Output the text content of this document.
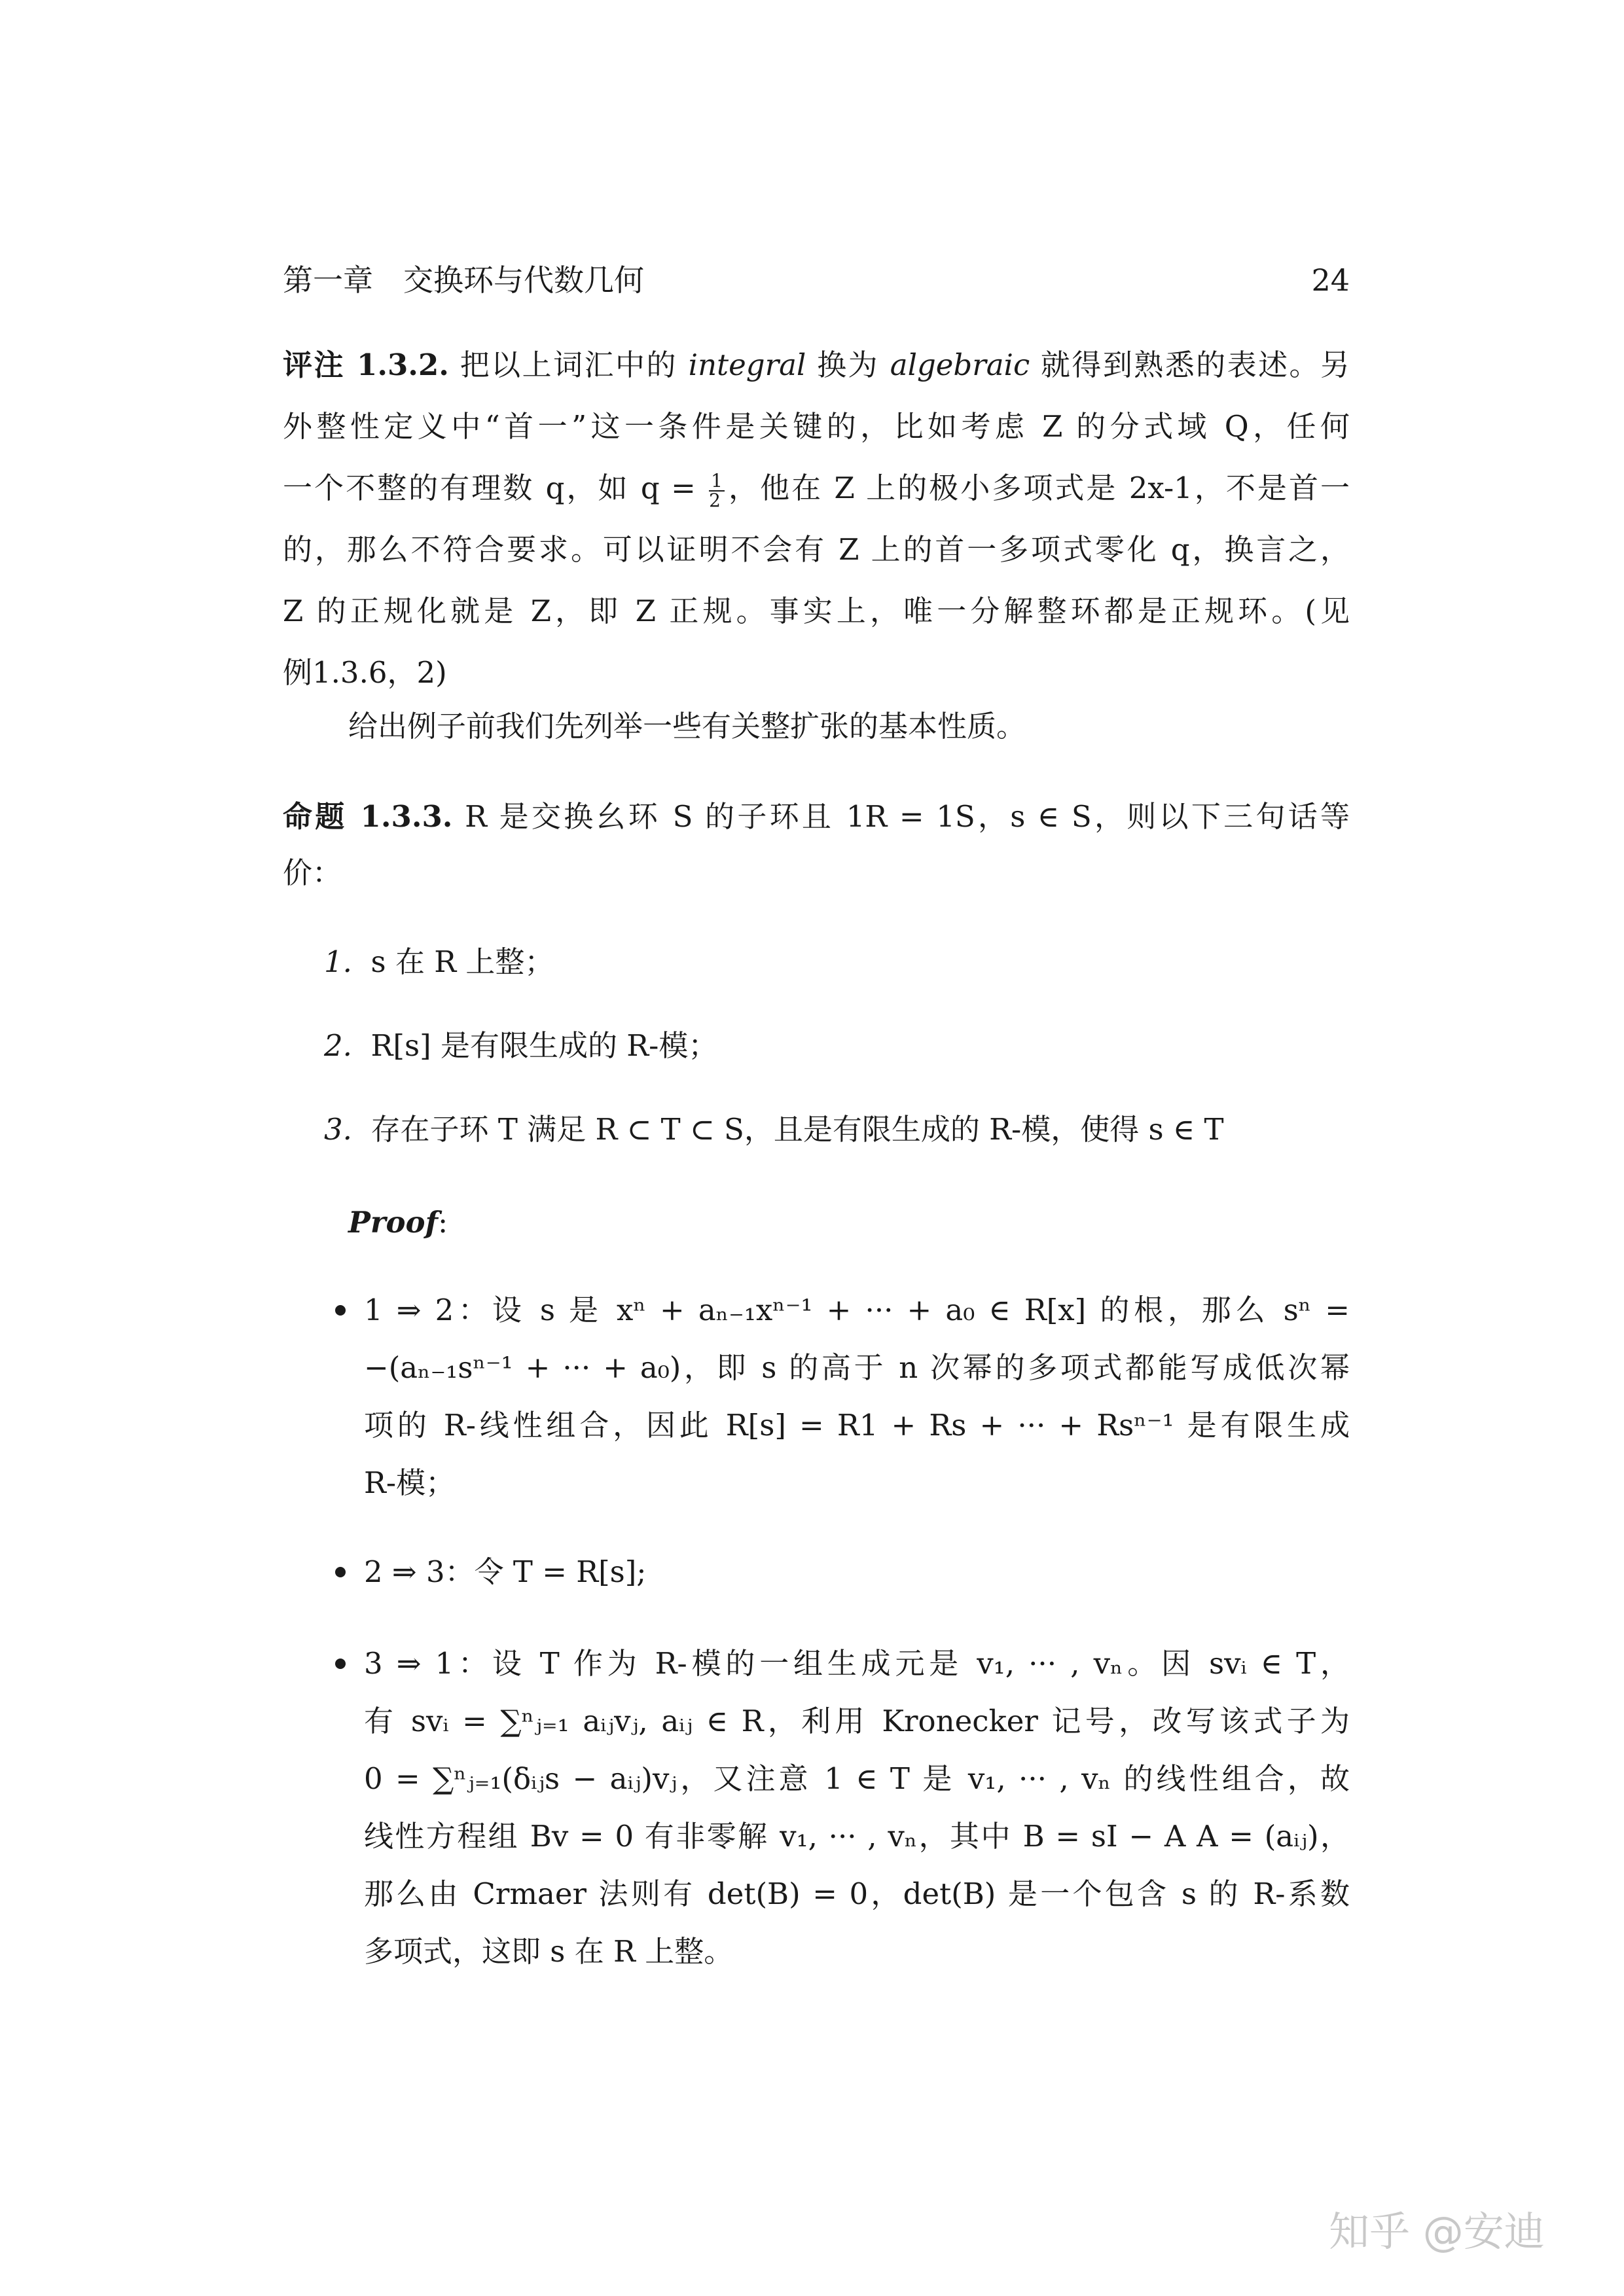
第一章　交换环与代数几何	24
评注 1.3.2. 把以上词汇中的 integral 换为 algebraic 就得到熟悉的表述。另
外整性定义中“首一”这一条件是关键的，比如考虑 Z 的分式域 Q，任何
一个不整的有理数 q，如 $q = \frac{1}{2}$ ，他在 Z 上的极小多项式是 2x-1，不是首一
的，那么不符合要求。可以证明不会有 Z 上的首一多项式零化 q，换言之，
Z 的正规化就是 Z，即 Z 正规。事实上，唯一分解整环都是正规环。(见
例1.3.6，2)
给出例子前我们先列举一些有关整扩张的基本性质。
命题 1.3.3. R 是交换幺环 S 的子环且 1R = 1S，s ∈ S，则以下三句话等
价：
1. s 在 R 上整；
2. R[s] 是有限生成的 R-模；
3. 存在子环 T 满足 R ⊂ T ⊂ S，且是有限生成的 R-模，使得 s ∈ T
Proof:
1 ⇒ 2：设 s 是 xⁿ + aₙ₋₁xⁿ⁻¹ + ··· + a₀ ∈ R[x] 的根，那么 sⁿ =
−(aₙ₋₁sⁿ⁻¹ + ··· + a₀)，即 s 的高于 n 次幂的多项式都能写成低次幂
项的 R-线性组合，因此 R[s] = R1 + Rs + ··· + Rsⁿ⁻¹ 是有限生成
R-模；
2 ⇒ 3：令 T = R[s];
3 ⇒ 1：设 T 作为 R-模的一组生成元是 v₁, ··· , vₙ。因 svᵢ ∈ T，
有 svᵢ = ∑ⁿⱼ₌₁ aᵢⱼvⱼ, aᵢⱼ ∈ R，利用 Kronecker 记号，改写该式子为
0 = ∑ⁿⱼ₌₁(δᵢⱼs − aᵢⱼ)vⱼ，又注意 1 ∈ T 是 v₁, ··· , vₙ 的线性组合，故
线性方程组 Bv = 0 有非零解 v₁, ··· , vₙ，其中 B = sI − A A = (aᵢⱼ)，
那么由 Crmaer 法则有 det(B) = 0，det(B) 是一个包含 s 的 R-系数
多项式，这即 s 在 R 上整。
知乎 @安迪
